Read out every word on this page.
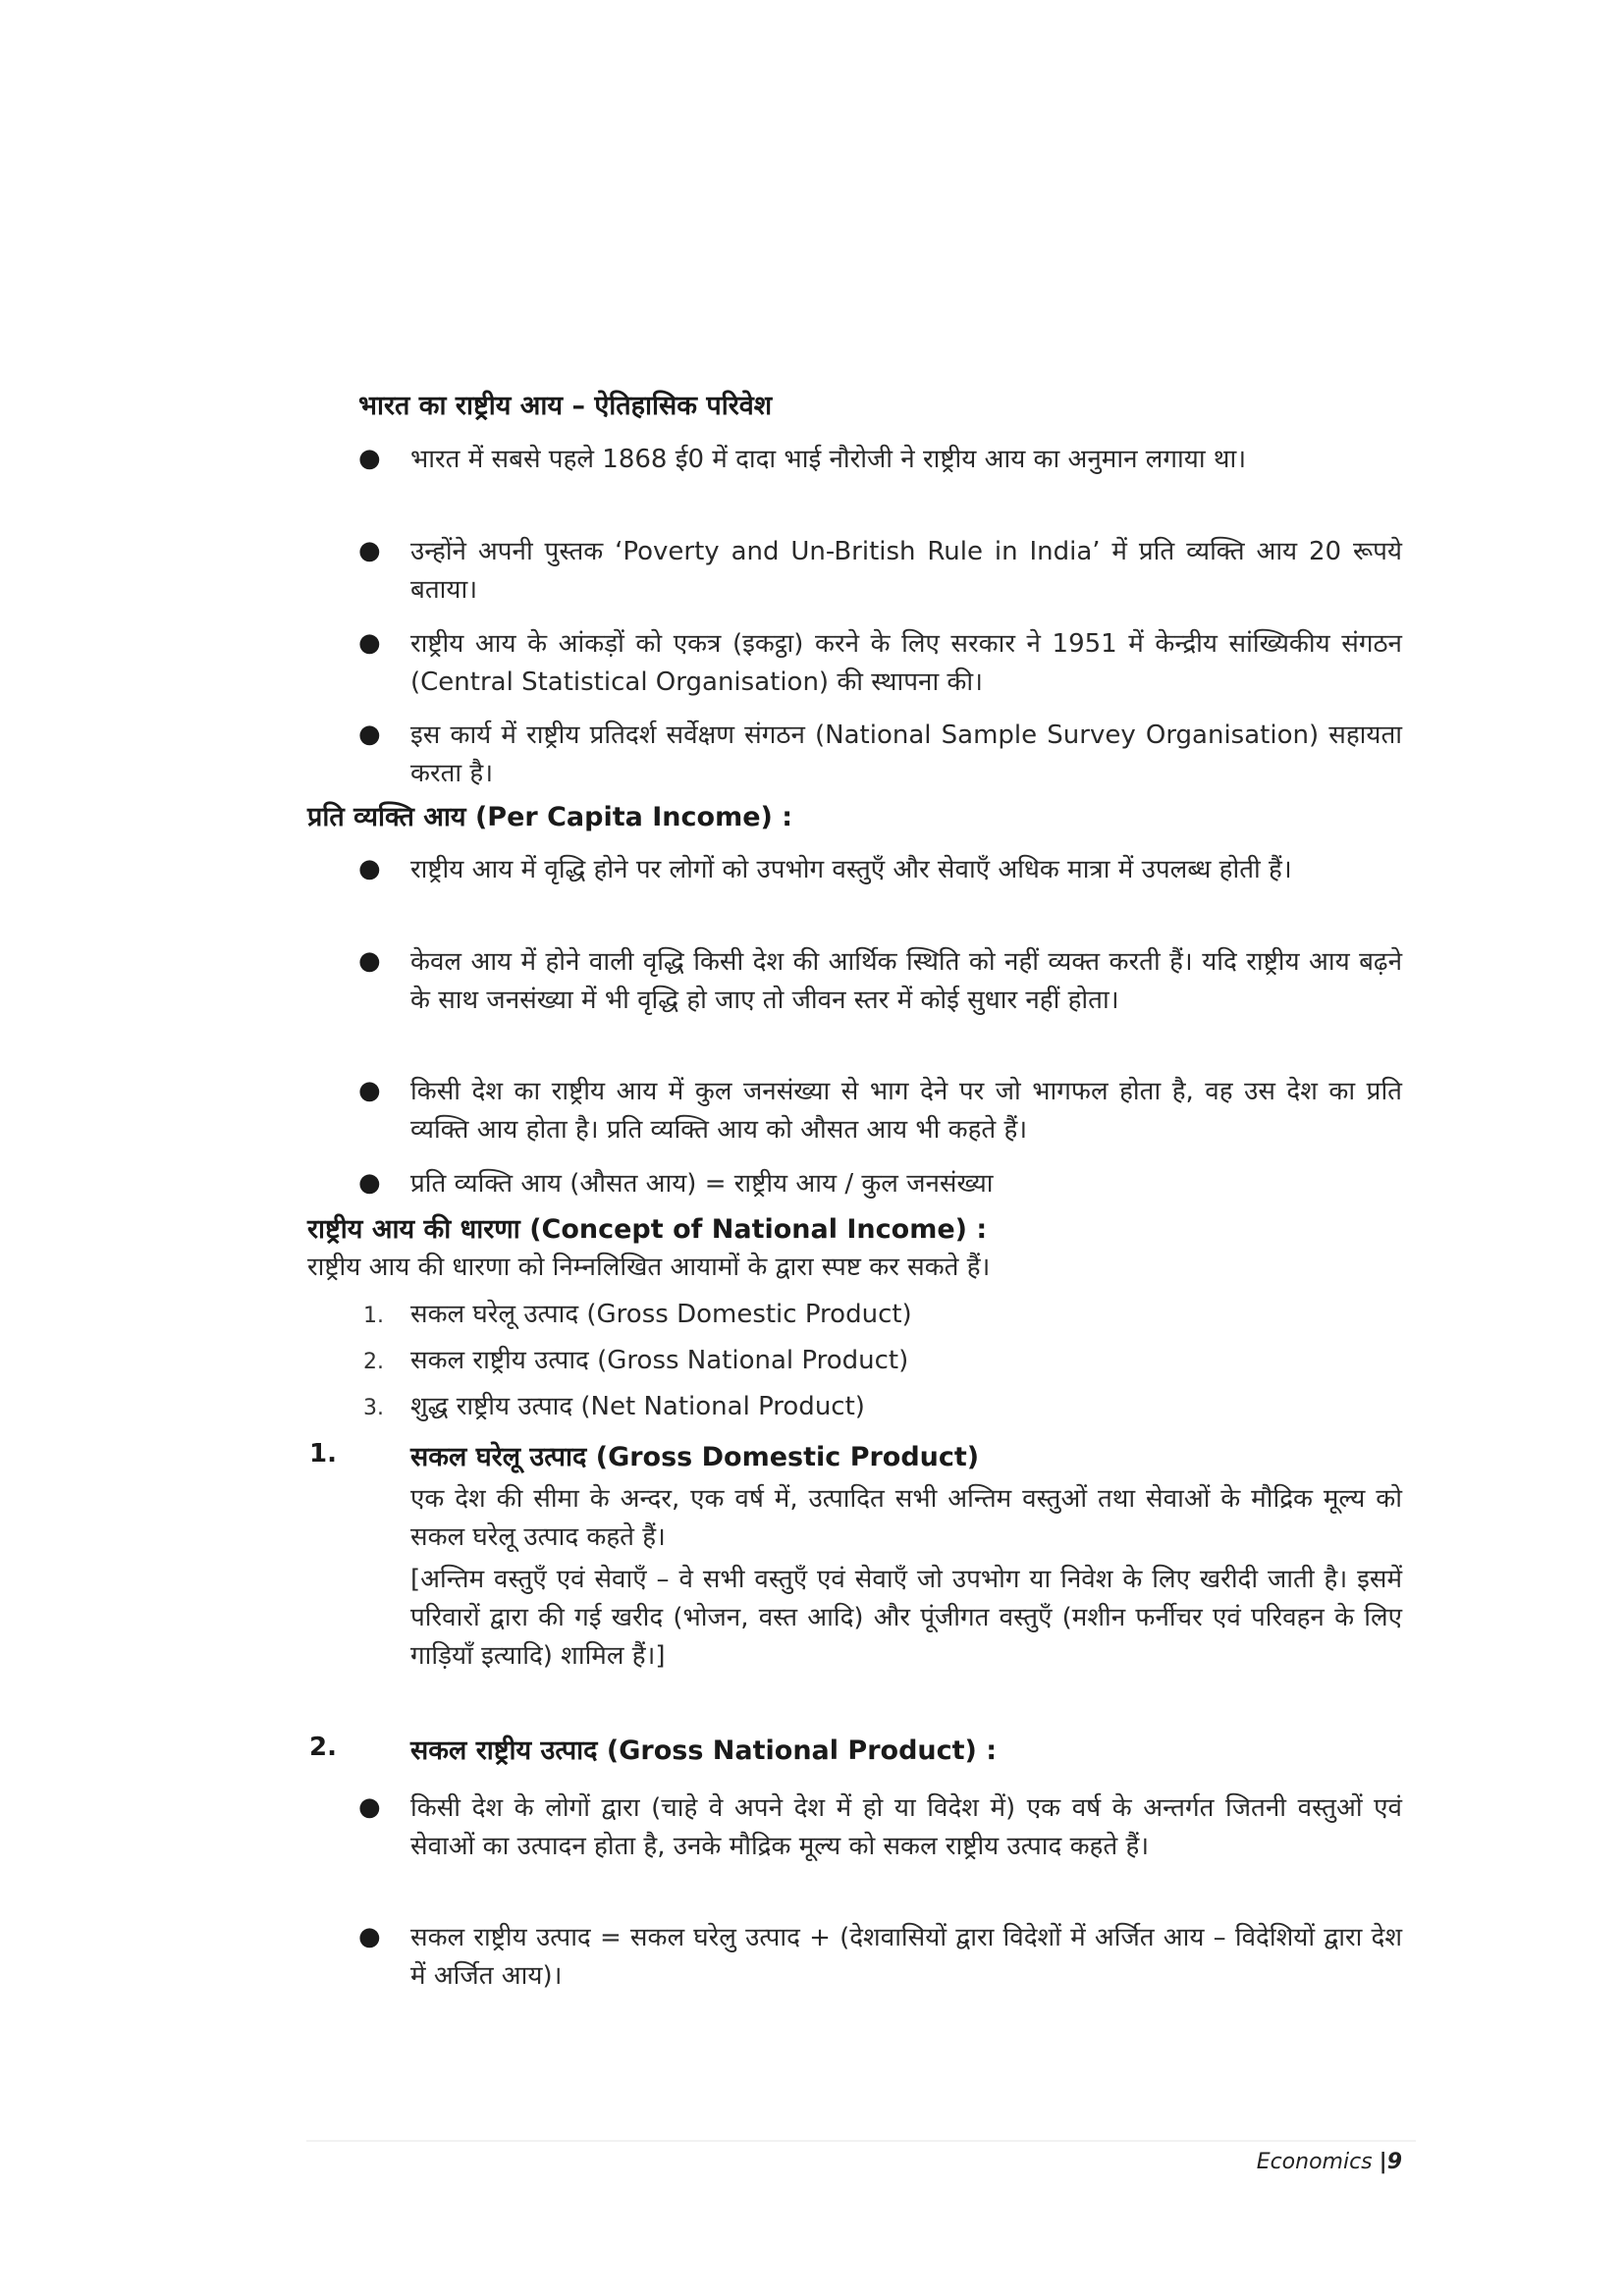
भारत का राष्ट्रीय आय – ऐतिहासिक परिवेश
● भारत में सबसे पहले 1868 ई0 में दादा भाई नौरोजी ने राष्ट्रीय आय का अनुमान लगाया था।
● उन्होंने अपनी पुस्तक ‘Poverty and Un-British Rule in India’ में प्रति व्यक्ति आय 20 रूपये बताया।
● राष्ट्रीय आय के आंकड़ों को एकत्र (इकट्ठा) करने के लिए सरकार ने 1951 में केन्द्रीय सांख्यिकीय संगठन (Central Statistical Organisation) की स्थापना की।
● इस कार्य में राष्ट्रीय प्रतिदर्श सर्वेक्षण संगठन (National Sample Survey Organisation) सहायता करता है।
प्रति व्यक्ति आय (Per Capita Income) :
● राष्ट्रीय आय में वृद्धि होने पर लोगों को उपभोग वस्तुएँ और सेवाएँ अधिक मात्रा में उपलब्ध होती हैं।
● केवल आय में होने वाली वृद्धि किसी देश की आर्थिक स्थिति को नहीं व्यक्त करती हैं। यदि राष्ट्रीय आय बढ़ने के साथ जनसंख्या में भी वृद्धि हो जाए तो जीवन स्तर में कोई सुधार नहीं होता।
● किसी देश का राष्ट्रीय आय में कुल जनसंख्या से भाग देने पर जो भागफल होता है, वह उस देश का प्रति व्यक्ति आय होता है। प्रति व्यक्ति आय को औसत आय भी कहते हैं।
● प्रति व्यक्ति आय (औसत आय) = राष्ट्रीय आय / कुल जनसंख्या
राष्ट्रीय आय की धारणा (Concept of National Income) :
राष्ट्रीय आय की धारणा को निम्नलिखित आयामों के द्वारा स्पष्ट कर सकते हैं।
1. सकल घरेलू उत्पाद (Gross Domestic Product)
2. सकल राष्ट्रीय उत्पाद (Gross National Product)
3. शुद्ध राष्ट्रीय उत्पाद (Net National Product)
1.	सकल घरेलू उत्पाद (Gross Domestic Product)
एक देश की सीमा के अन्दर, एक वर्ष में, उत्पादित सभी अन्तिम वस्तुओं तथा सेवाओं के मौद्रिक मूल्य को सकल घरेलू उत्पाद कहते हैं।
[अन्तिम वस्तुएँ एवं सेवाएँ – वे सभी वस्तुएँ एवं सेवाएँ जो उपभोग या निवेश के लिए खरीदी जाती है। इसमें परिवारों द्वारा की गई खरीद (भोजन, वस्त आदि) और पूंजीगत वस्तुएँ (मशीन फर्नीचर एवं परिवहन के लिए गाड़ियाँ इत्यादि) शामिल हैं।]
2.	सकल राष्ट्रीय उत्पाद (Gross National Product) :
● किसी देश के लोगों द्वारा (चाहे वे अपने देश में हो या विदेश में) एक वर्ष के अन्तर्गत जितनी वस्तुओं एवं सेवाओं का उत्पादन होता है, उनके मौद्रिक मूल्य को सकल राष्ट्रीय उत्पाद कहते हैं।
● सकल राष्ट्रीय उत्पाद = सकल घरेलु उत्पाद + (देशवासियों द्वारा विदेशों में अर्जित आय – विदेशियों द्वारा देश में अर्जित आय)।
Economics |9
